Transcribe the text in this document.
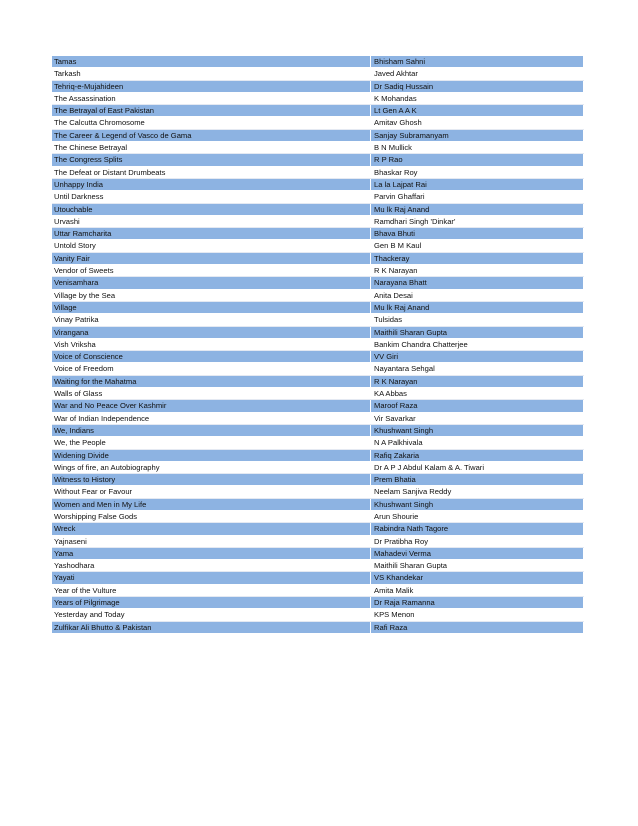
Tamas	Bhisham Sahni
Tarkash	Javed Akhtar
Tehriq-e-Mujahideen	Dr Sadiq Hussain
The Assassination	K Mohandas
The Betrayal of East Pakistan	Lt Gen A A K
The Calcutta Chromosome	Amitav Ghosh
The Career & Legend of Vasco de Gama	Sanjay Subramanyam
The Chinese Betrayal	B N Mullick
The Congress Splits	R P Rao
The Defeat or Distant Drumbeats	Bhaskar Roy
Unhappy India	La la Lajpat Rai
Until Darkness	Parvin Ghaffari
Utouchable	Mu lk Raj Anand
Urvashi	Ramdhari Singh 'Dinkar'
Uttar Ramcharita	Bhava Bhuti
Untold Story	Gen B M Kaul
Vanity Fair	Thackeray
Vendor of Sweets	R K Narayan
Venisamhara	Narayana Bhatt
Village by the Sea	Anita Desai
Village	Mu lk Raj Anand
Vinay Patrika	Tulsidas
Virangana	Maithili Sharan Gupta
Vish Vriksha	Bankim Chandra Chatterjee
Voice of Conscience	VV Giri
Voice of Freedom	Nayantara Sehgal
Waiting for the Mahatma	R K Narayan
Walls of Glass	KA Abbas
War and No Peace Over Kashmir	Maroof Raza
War of Indian Independence	Vir Savarkar
We, Indians	Khushwant Singh
We, the People	N A Palkhivala
Widening Divide	Rafiq Zakaria
Wings of fire, an Autobiography	Dr A P J Abdul Kalam & A. Tiwari
Witness to History	Prem Bhatia
Without Fear or Favour	Neelam Sanjiva Reddy
Women and Men in My Life	Khushwant Singh
Worshipping False Gods	Arun Shourie
Wreck	Rabindra Nath Tagore
Yajnaseni	Dr Pratibha Roy
Yama	Mahadevi Verma
Yashodhara	Maithili Sharan Gupta
Yayati	VS Khandekar
Year of the Vulture	Amita Malik
Years of Pilgrimage	Dr Raja Ramanna
Yesterday and Today	KPS Menon
Zulfikar Ali Bhutto & Pakistan	Rafi Raza
